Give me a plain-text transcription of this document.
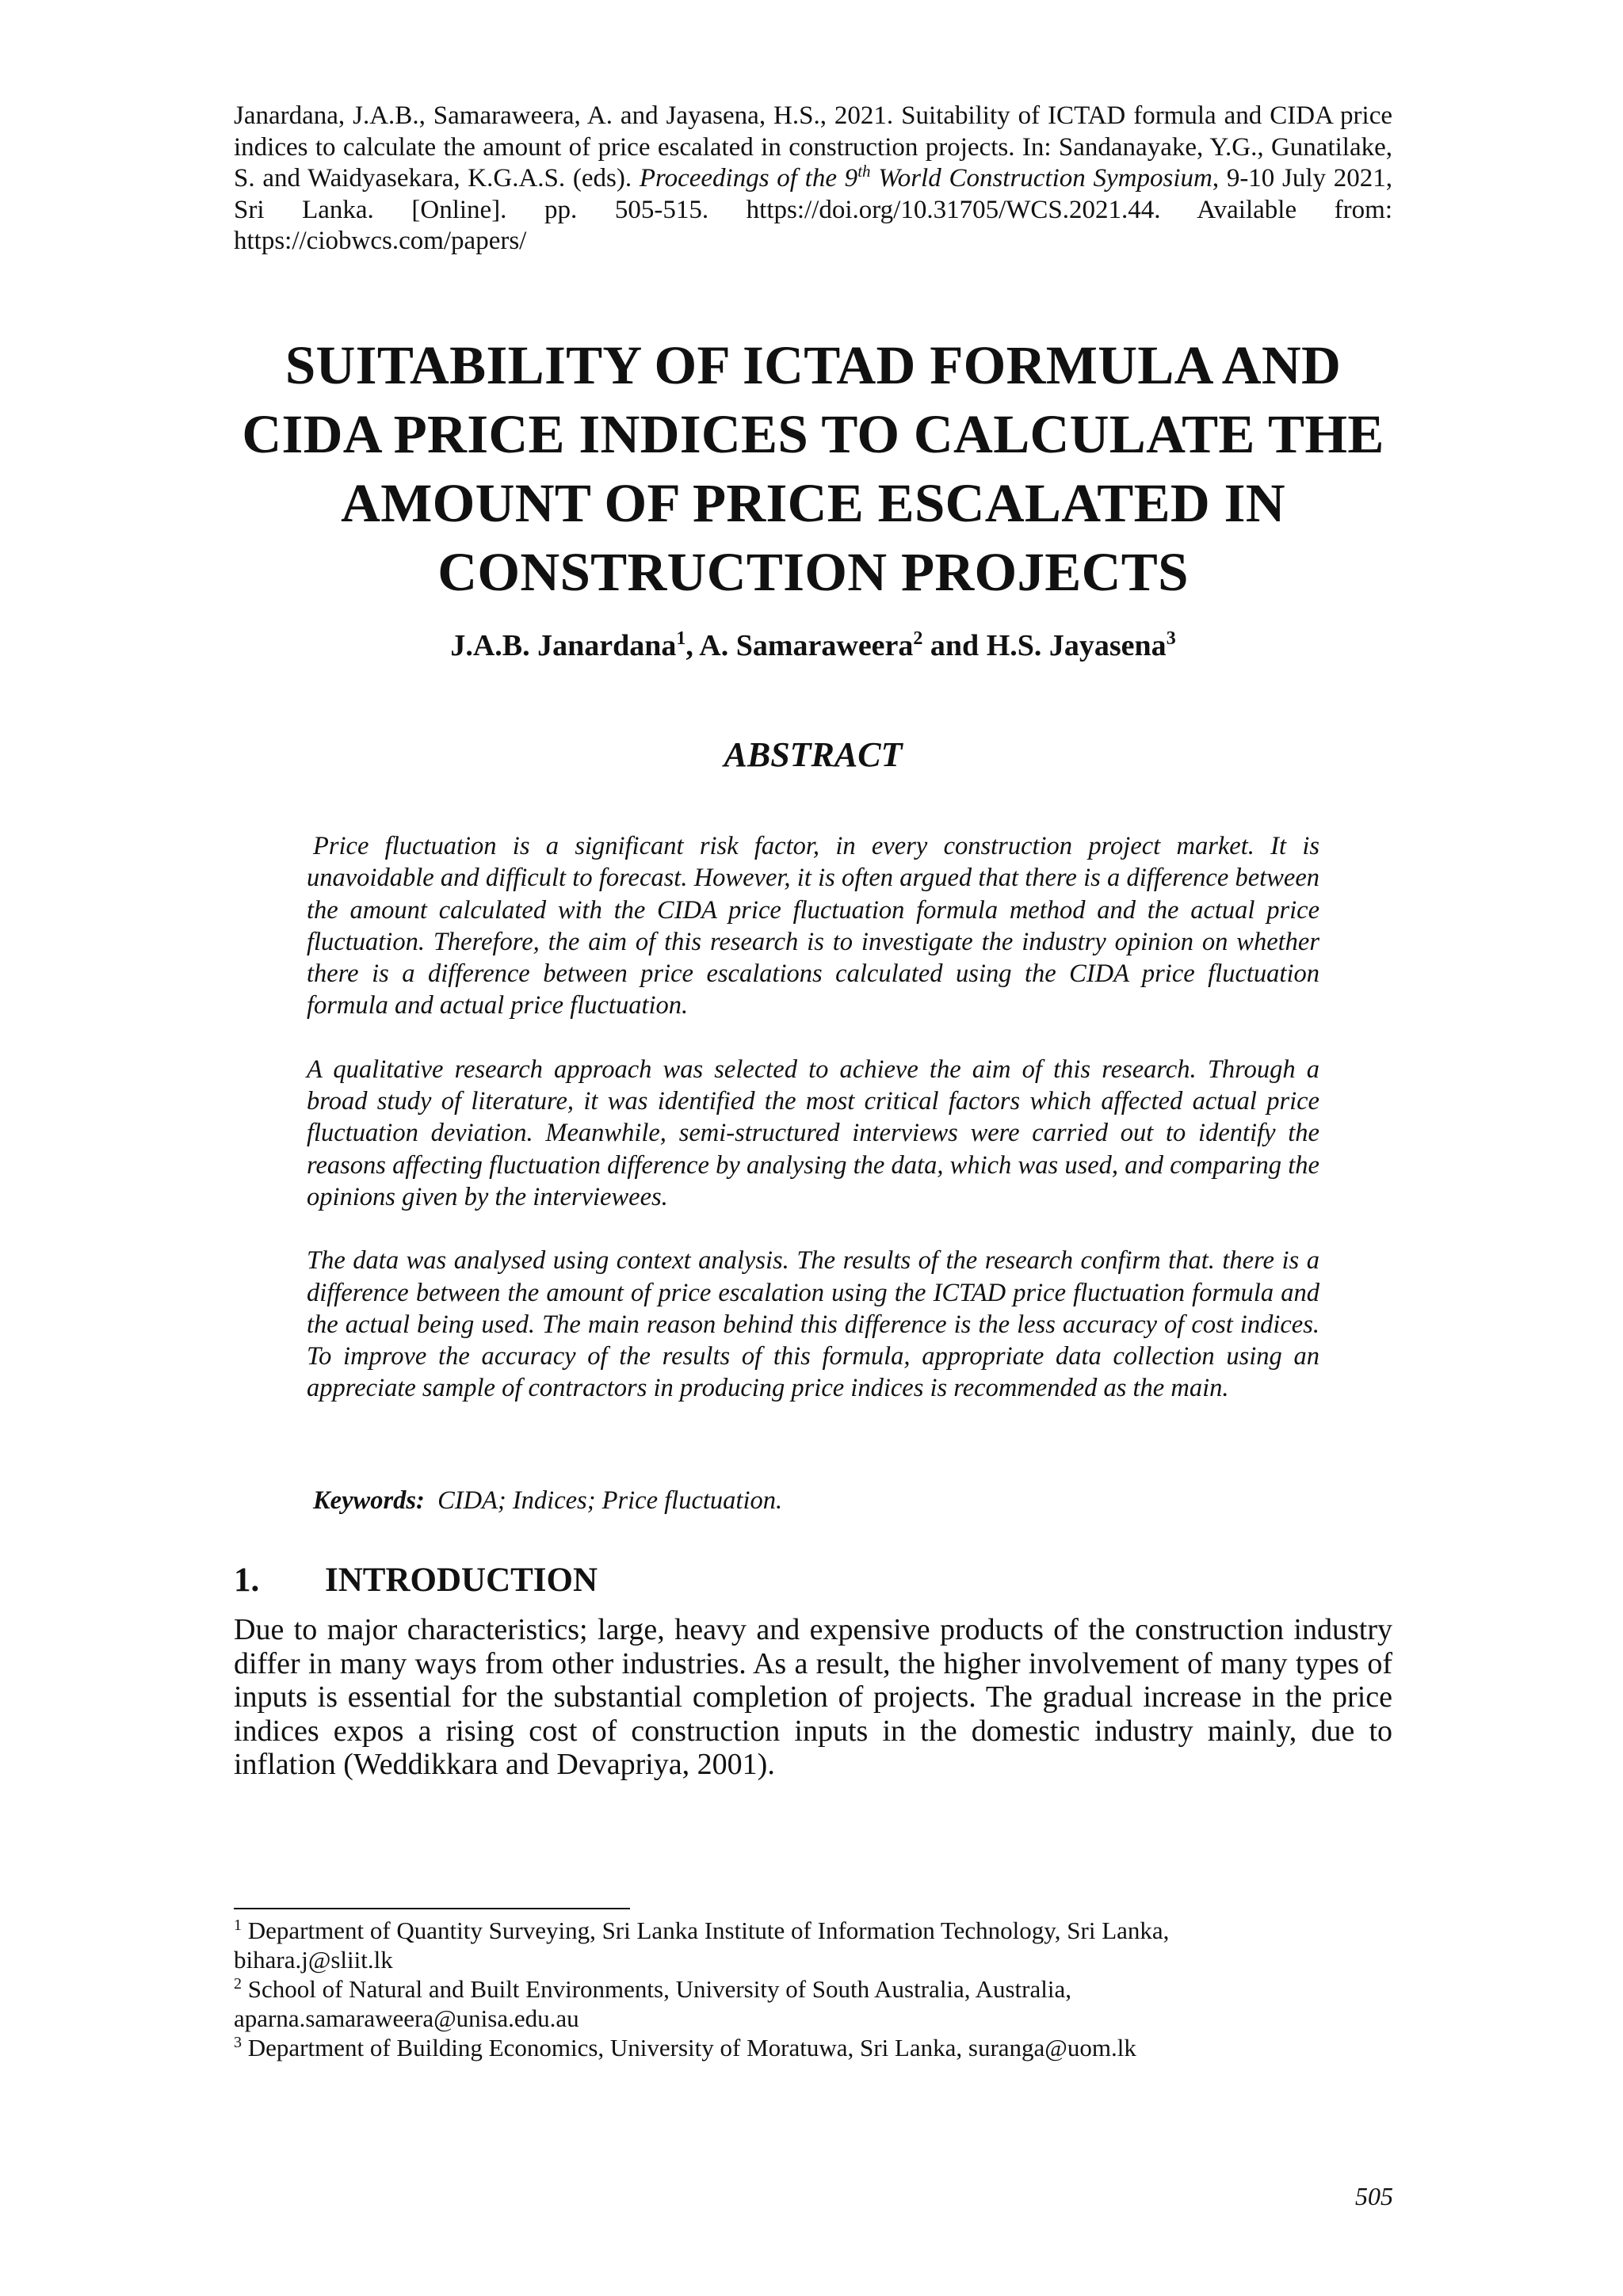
Janardana, J.A.B., Samaraweera, A. and Jayasena, H.S., 2021. Suitability of ICTAD formula and CIDA price indices to calculate the amount of price escalated in construction projects. In: Sandanayake, Y.G., Gunatilake, S. and Waidyasekara, K.G.A.S. (eds). Proceedings of the 9th World Construction Symposium, 9-10 July 2021, Sri Lanka. [Online]. pp. 505-515. https://doi.org/10.31705/WCS.2021.44. Available from: https://ciobwcs.com/papers/

SUITABILITY OF ICTAD FORMULA AND
CIDA PRICE INDICES TO CALCULATE THE
AMOUNT OF PRICE ESCALATED IN
CONSTRUCTION PROJECTS
J.A.B. Janardana$^1$, A. Samaraweera$^2$ and H.S. Jayasena$^3$
ABSTRACT

Price fluctuation is a significant risk factor, in every construction project market. It is unavoidable and difficult to forecast. However, it is often argued that there is a difference between the amount calculated with the CIDA price fluctuation formula method and the actual price fluctuation. Therefore, the aim of this research is to investigate the industry opinion on whether there is a difference between price escalations calculated using the CIDA price fluctuation formula and actual price fluctuation.

A qualitative research approach was selected to achieve the aim of this research. Through a broad study of literature, it was identified the most critical factors which affected actual price fluctuation deviation. Meanwhile, semi-structured interviews were carried out to identify the reasons affecting fluctuation difference by analysing the data, which was used, and comparing the opinions given by the interviewees.

The data was analysed using context analysis. The results of the research confirm that. there is a difference between the amount of price escalation using the ICTAD price fluctuation formula and the actual being used. The main reason behind this difference is the less accuracy of cost indices. To improve the accuracy of the results of this formula, appropriate data collection using an appreciate sample of contractors in producing price indices is recommended as the main.

Keywords: CIDA; Indices; Price fluctuation.
1. INTRODUCTION

Due to major characteristics; large, heavy and expensive products of the construction industry differ in many ways from other industries. As a result, the higher involvement of many types of inputs is essential for the substantial completion of projects. The gradual increase in the price indices expos a rising cost of construction inputs in the domestic industry mainly, due to inflation (Weddikkara and Devapriya, 2001).

$^1$ Department of Quantity Surveying, Sri Lanka Institute of Information Technology, Sri Lanka,
bihara.j@sliit.lk

$^2$ School of Natural and Built Environments, University of South Australia, Australia,
aparna.samaraweera@unisa.edu.au

$^3$ Department of Building Economics, University of Moratuwa, Sri Lanka, suranga@uom.lk

505
